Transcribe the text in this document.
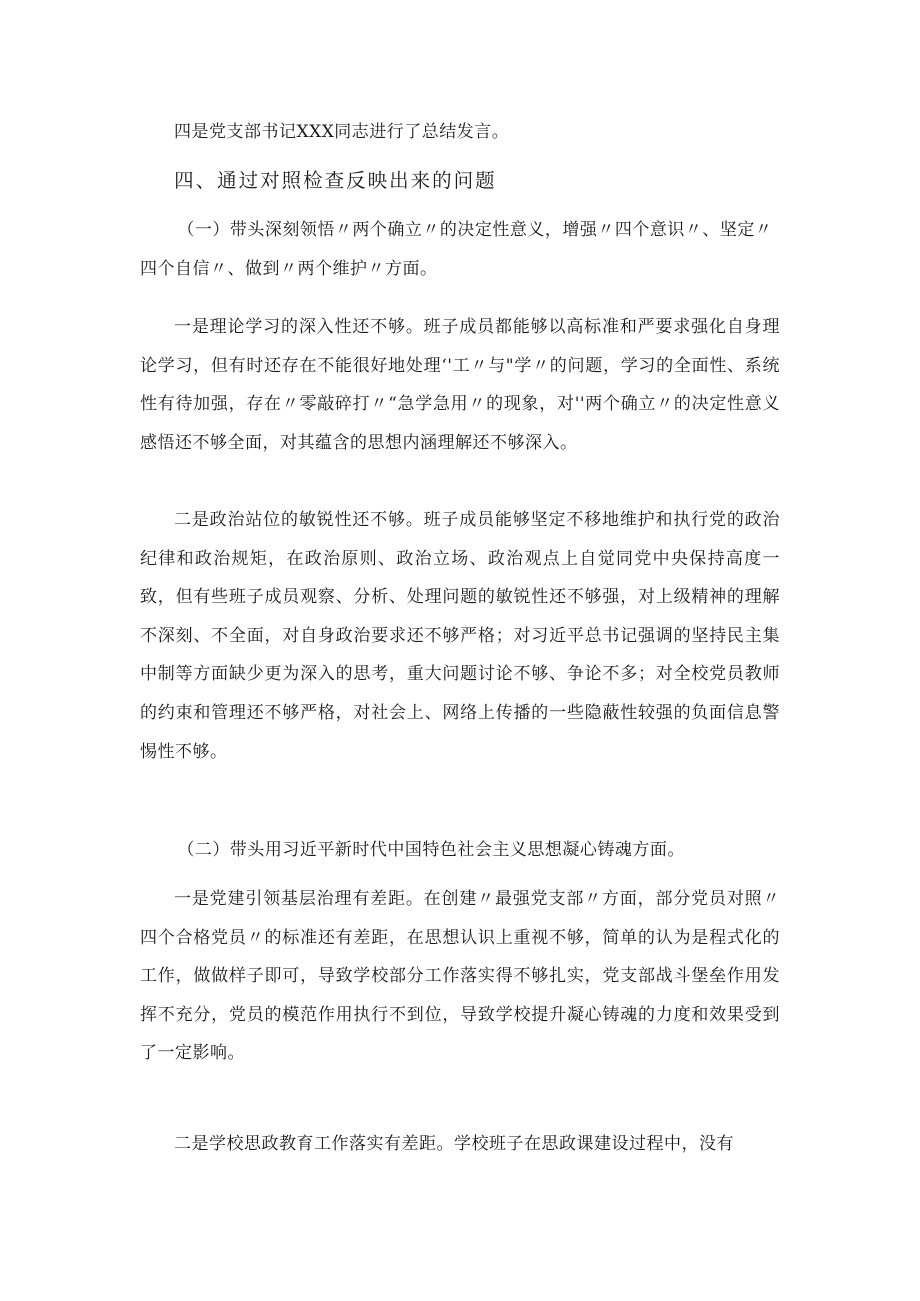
四是党支部书记XXX同志进行了总结发言。

四、通过对照检查反映出来的问题

（一）带头深刻领悟〃两个确立〃的决定性意义，增强〃四个意识〃、坚定〃四个自信〃、做到〃两个维护〃方面。

一是理论学习的深入性还不够。班子成员都能够以高标准和严要求强化自身理论学习，但有时还存在不能很好地处理‘'工〃与"学〃的问题，学习的全面性、系统性有待加强，存在〃零敲碎打〃“急学急用〃的现象，对''两个确立〃的决定性意义感悟还不够全面，对其蕴含的思想内涵理解还不够深入。

二是政治站位的敏锐性还不够。班子成员能够坚定不移地维护和执行党的政治纪律和政治规矩，在政治原则、政治立场、政治观点上自觉同党中央保持高度一致，但有些班子成员观察、分析、处理问题的敏锐性还不够强，对上级精神的理解不深刻、不全面，对自身政治要求还不够严格；对习近平总书记强调的坚持民主集中制等方面缺少更为深入的思考，重大问题讨论不够、争论不多；对全校党员教师的约束和管理还不够严格，对社会上、网络上传播的一些隐蔽性较强的负面信息警惕性不够。

（二）带头用习近平新时代中国特色社会主义思想凝心铸魂方面。

一是党建引领基层治理有差距。在创建〃最强党支部〃方面，部分党员对照〃四个合格党员〃的标准还有差距，在思想认识上重视不够，简单的认为是程式化的工作，做做样子即可，导致学校部分工作落实得不够扎实，党支部战斗堡垒作用发挥不充分，党员的模范作用执行不到位，导致学校提升凝心铸魂的力度和效果受到了一定影响。

二是学校思政教育工作落实有差距。学校班子在思政课建设过程中，没有
